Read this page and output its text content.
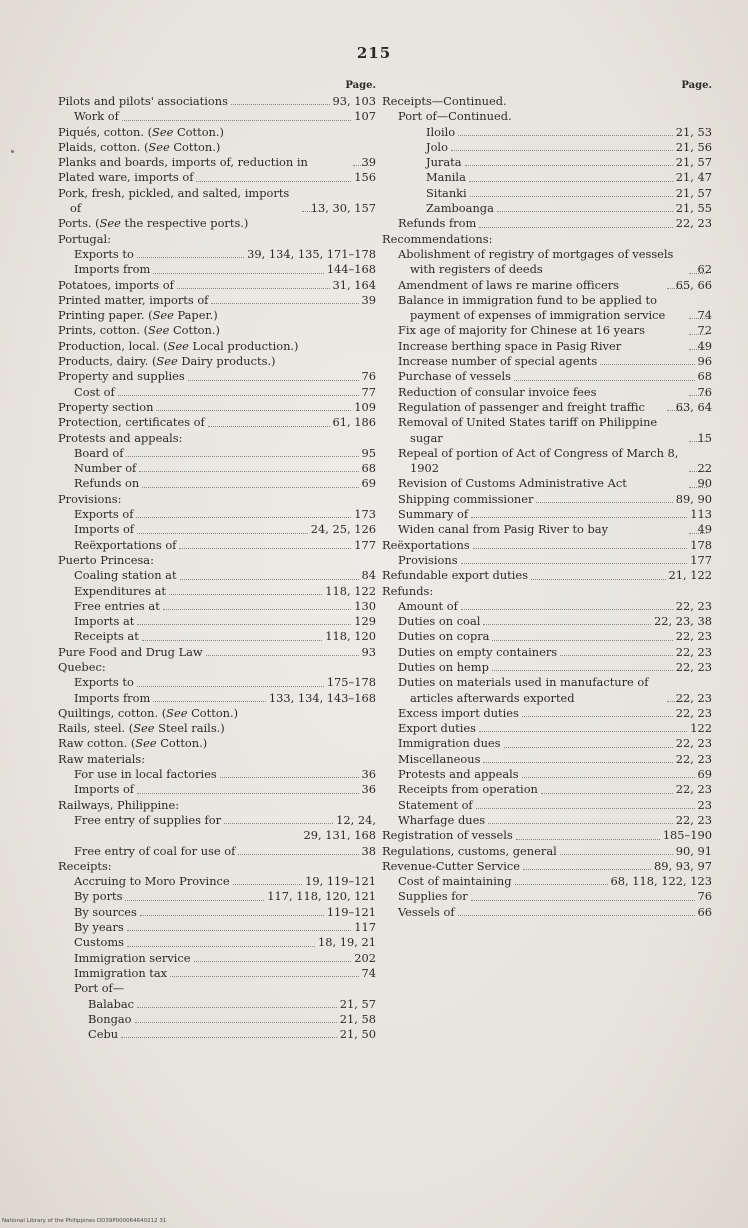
215
Page.
Pilots and pilots' associations	93, 103
Work of	107
Piqués, cotton. (See Cotton.)
Plaids, cotton. (See Cotton.)
Planks and boards, imports of, reduction in	39
Plated ware, imports of	156
Pork, fresh, pickled, and salted, imports of	13, 30, 157
Ports. (See the respective ports.)
Portugal:
Exports to	39, 134, 135, 171–178
Imports from	144–168
Potatoes, imports of	31, 164
Printed matter, imports of	39
Printing paper. (See Paper.)
Prints, cotton. (See Cotton.)
Production, local. (See Local production.)
Products, dairy. (See Dairy products.)
Property and supplies	76
Cost of	77
Property section	109
Protection, certificates of	61, 186
Protests and appeals:
Board of	95
Number of	68
Refunds on	69
Provisions:
Exports of	173
Imports of	24, 25, 126
Reëxportations of	177
Puerto Princesa:
Coaling station at	84
Expenditures at	118, 122
Free entries at	130
Imports at	129
Receipts at	118, 120
Pure Food and Drug Law	93
Quebec:
Exports to	175–178
Imports from	133, 134, 143–168
Quiltings, cotton. (See Cotton.)
Rails, steel. (See Steel rails.)
Raw cotton. (See Cotton.)
Raw materials:
For use in local factories	36
Imports of	36
Railways, Philippine:
Free entry of supplies for	12, 24,
29, 131, 168
Free entry of coal for use of	38
Receipts:
Accruing to Moro Province	19, 119–121
By ports	117, 118, 120, 121
By sources	119–121
By years	117
Customs	18, 19, 21
Immigration service	202
Immigration tax	74
Port of—
Balabac	21, 57
Bongao	21, 58
Cebu	21, 50
Page.
Receipts—Continued.
Port of—Continued.
Iloilo	21, 53
Jolo	21, 56
Jurata	21, 57
Manila	21, 47
Sitanki	21, 57
Zamboanga	21, 55
Refunds from	22, 23
Recommendations:
Abolishment of registry of mortgages of vessels with registers of deeds	62
Amendment of laws re marine officers	65, 66
Balance in immigration fund to be applied to payment of expenses of immigration service	74
Fix age of majority for Chinese at 16 years	72
Increase berthing space in Pasig River	49
Increase number of special agents	96
Purchase of vessels	68
Reduction of consular invoice fees	76
Regulation of passenger and freight traffic	63, 64
Removal of United States tariff on Philippine sugar	15
Repeal of portion of Act of Congress of March 8, 1902	22
Revision of Customs Administrative Act	90
Shipping commissioner	89, 90
Summary of	113
Widen canal from Pasig River to bay	49
Reëxportations	178
Provisions	177
Refundable export duties	21, 122
Refunds:
Amount of	22, 23
Duties on coal	22, 23, 38
Duties on copra	22, 23
Duties on empty containers	22, 23
Duties on hemp	22, 23
Duties on materials used in manufacture of articles afterwards exported	22, 23
Excess import duties	22, 23
Export duties	122
Immigration dues	22, 23
Miscellaneous	22, 23
Protests and appeals	69
Receipts from operation	22, 23
Statement of	23
Wharfage dues	22, 23
Registration of vessels	185–190
Regulations, customs, general	90, 91
Revenue-Cutter Service	89, 93, 97
Cost of maintaining	68, 118, 122, 123
Supplies for	76
Vessels of	66
National Library of the Philippines DD39P000064640212 31
